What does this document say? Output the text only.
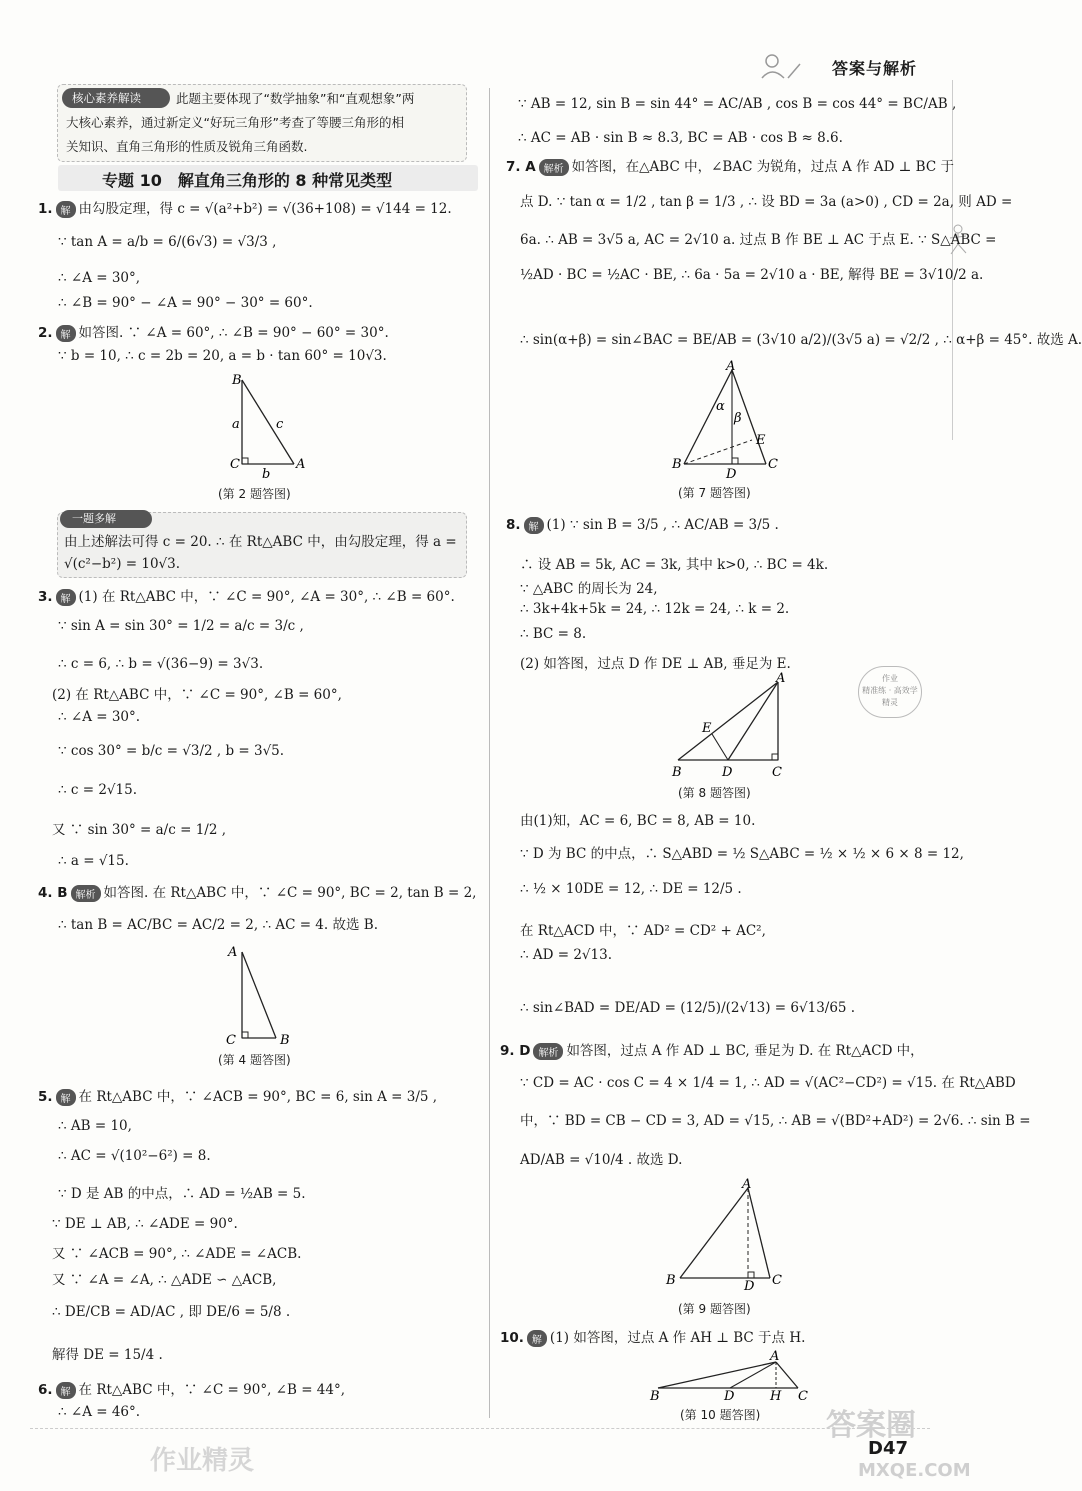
答案与解析
核心素养解读	此题主要体现了“数学抽象”和“直观想象”两
大核心素养，通过新定义“好玩三角形”考查了等腰三角形的相
关知识、直角三角形的性质及锐角三角函数.
专题 10　解直角三角形的 8 种常见类型
1. 解 由勾股定理，得 c = √(a²+b²) = √(36+108) = √144 = 12.
∵ tan A = a/b = 6/(6√3) = √3/3 ,
∴ ∠A = 30°,
∴ ∠B = 90° − ∠A = 90° − 30° = 60°.
2. 解 如答图. ∵ ∠A = 60°, ∴ ∠B = 90° − 60° = 30°.
∵ b = 10, ∴ c = 2b = 20, a = b · tan 60° = 10√3.
B
a	c
C
b
A
(第 2 题答图)
一题多解
由上述解法可得 c = 20. ∴ 在 Rt△ABC 中，由勾股定理，得 a =
√(c²−b²) = 10√3.
3. 解 (1) 在 Rt△ABC 中，∵ ∠C = 90°, ∠A = 30°, ∴ ∠B = 60°.
∵ sin A = sin 30° = 1/2 = a/c = 3/c ,
∴ c = 6, ∴ b = √(36−9) = 3√3.
(2) 在 Rt△ABC 中，∵ ∠C = 90°, ∠B = 60°,
∴ ∠A = 30°.
∵ cos 30° = b/c = √3/2 , b = 3√5.
∴ c = 2√15.
又 ∵ sin 30° = a/c = 1/2 ,
∴ a = √15.
4. B 解析 如答图. 在 Rt△ABC 中，∵ ∠C = 90°, BC = 2, tan B = 2,
∴ tan B = AC/BC = AC/2 = 2, ∴ AC = 4. 故选 B.
A
C	B
(第 4 题答图)
5. 解 在 Rt△ABC 中，∵ ∠ACB = 90°, BC = 6, sin A = 3/5 ,
∴ AB = 10,
∴ AC = √(10²−6²) = 8.
∵ D 是 AB 的中点，∴ AD = ½AB = 5.
∵ DE ⊥ AB, ∴ ∠ADE = 90°.
又 ∵ ∠ACB = 90°, ∴ ∠ADE = ∠ACB.
又 ∵ ∠A = ∠A, ∴ △ADE ∽ △ACB,
∴ DE/CB = AD/AC , 即 DE/6 = 5/8 .
解得 DE = 15/4 .
6. 解 在 Rt△ABC 中，∵ ∠C = 90°, ∠B = 44°,
∴ ∠A = 46°.
∵ AB = 12, sin B = sin 44° = AC/AB , cos B = cos 44° = BC/AB ,
∴ AC = AB · sin B ≈ 8.3, BC = AB · cos B ≈ 8.6.
7. A 解析 如答图，在△ABC 中，∠BAC 为锐角，过点 A 作 AD ⊥ BC 于
点 D. ∵ tan α = 1/2 , tan β = 1/3 , ∴ 设 BD = 3a (a>0) , CD = 2a, 则 AD =
6a. ∴ AB = 3√5 a, AC = 2√10 a. 过点 B 作 BE ⊥ AC 于点 E. ∵ S△ABC =
½AD · BC = ½AC · BE, ∴ 6a · 5a = 2√10 a · BE, 解得 BE = 3√10/2 a.
∴ sin(α+β) = sin∠BAC = BE/AB = (3√10 a/2)/(3√5 a) = √2/2 , ∴ α+β = 45°. 故选 A.
A
α
β
E
B
D
C
(第 7 题答图)
8. 解 (1) ∵ sin B = 3/5 , ∴ AC/AB = 3/5 .
∴ 设 AB = 5k, AC = 3k, 其中 k>0, ∴ BC = 4k.
∵ △ABC 的周长为 24,
∴ 3k+4k+5k = 24, ∴ 12k = 24, ∴ k = 2.
∴ BC = 8.
(2) 如答图，过点 D 作 DE ⊥ AB, 垂足为 E.
作业
精准练 · 高效学
精灵
A
E
B	D	C
(第 8 题答图)
由(1)知，AC = 6, BC = 8, AB = 10.
∵ D 为 BC 的中点，∴ S△ABD = ½ S△ABC = ½ × ½ × 6 × 8 = 12,
∴ ½ × 10DE = 12, ∴ DE = 12/5 .
在 Rt△ACD 中，∵ AD² = CD² + AC²,
∴ AD = 2√13.
∴ sin∠BAD = DE/AD = (12/5)/(2√13) = 6√13/65 .
9. D 解析 如答图，过点 A 作 AD ⊥ BC, 垂足为 D. 在 Rt△ACD 中，
∵ CD = AC · cos C = 4 × 1/4 = 1, ∴ AD = √(AC²−CD²) = √15. 在 Rt△ABD
中，∵ BD = CB − CD = 3, AD = √15, ∴ AB = √(BD²+AD²) = 2√6. ∴ sin B =
AD/AB = √10/4 . 故选 D.
A
B	D C
(第 9 题答图)
10. 解 (1) 如答图，过点 A 作 AH ⊥ BC 于点 H.
A
B	D	H C
(第 10 题答图)
作业精灵	D47
答案圈
MXQE.COM
